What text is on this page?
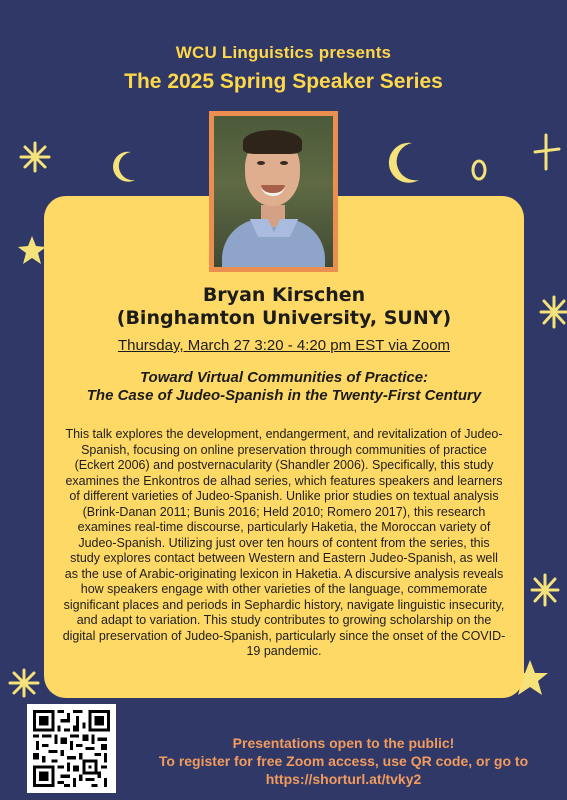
WCU Linguistics presents
The 2025 Spring Speaker Series
Bryan Kirschen
(Binghamton University, SUNY)
Thursday, March 27 3:20 - 4:20 pm EST via Zoom
Toward Virtual Communities of Practice:
The Case of Judeo-Spanish in the Twenty-First Century
This talk explores the development, endangerment, and revitalization of Judeo-Spanish, focusing on online preservation through communities of practice (Eckert 2006) and postvernacularity (Shandler 2006). Specifically, this study examines the Enkontros de alhad series, which features speakers and learners of different varieties of Judeo-Spanish. Unlike prior studies on textual analysis (Brink-Danan 2011; Bunis 2016; Held 2010; Romero 2017), this research examines real-time discourse, particularly Haketia, the Moroccan variety of Judeo-Spanish. Utilizing just over ten hours of content from the series, this study explores contact between Western and Eastern Judeo-Spanish, as well as the use of Arabic-originating lexicon in Haketia. A discursive analysis reveals how speakers engage with other varieties of the language, commemorate significant places and periods in Sephardic history, navigate linguistic insecurity, and adapt to variation. This study contributes to growing scholarship on the digital preservation of Judeo-Spanish, particularly since the onset of the COVID-19 pandemic.
Presentations open to the public!
To register for free Zoom access, use QR code, or go to
https://shorturl.at/tvky2
